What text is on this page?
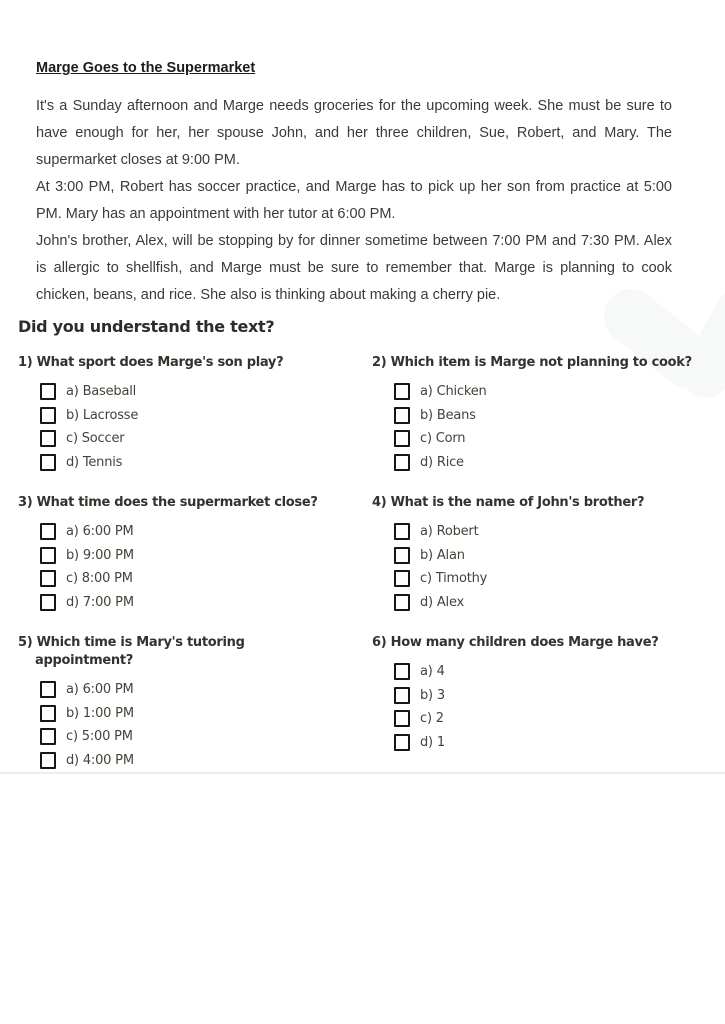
Marge Goes to the Supermarket

It's a Sunday afternoon and Marge needs groceries for the upcoming week. She must be sure to have enough for her, her spouse John, and her three children, Sue, Robert, and Mary. The supermarket closes at 9:00 PM.

At 3:00 PM, Robert has soccer practice, and Marge has to pick up her son from practice at 5:00 PM. Mary has an appointment with her tutor at 6:00 PM.

John's brother, Alex, will be stopping by for dinner sometime between 7:00 PM and 7:30 PM. Alex is allergic to shellfish, and Marge must be sure to remember that. Marge is planning to cook chicken, beans, and rice. She also is thinking about making a cherry pie.

Did you understand the text?

1) What sport does Marge's son play?

a) Baseball
b) Lacrosse
c) Soccer
d) Tennis

2) Which item is Marge not planning to cook?

a) Chicken
b) Beans
c) Corn
d) Rice

3) What time does the supermarket close?

a) 6:00 PM
b) 9:00 PM
c) 8:00 PM
d) 7:00 PM

4) What is the name of John's brother?

a) Robert
b) Alan
c) Timothy
d) Alex

5) Which time is Mary's tutoring appointment?

a) 6:00 PM
b) 1:00 PM
c) 5:00 PM
d) 4:00 PM

6) How many children does Marge have?

a) 4
b) 3
c) 2
d) 1
